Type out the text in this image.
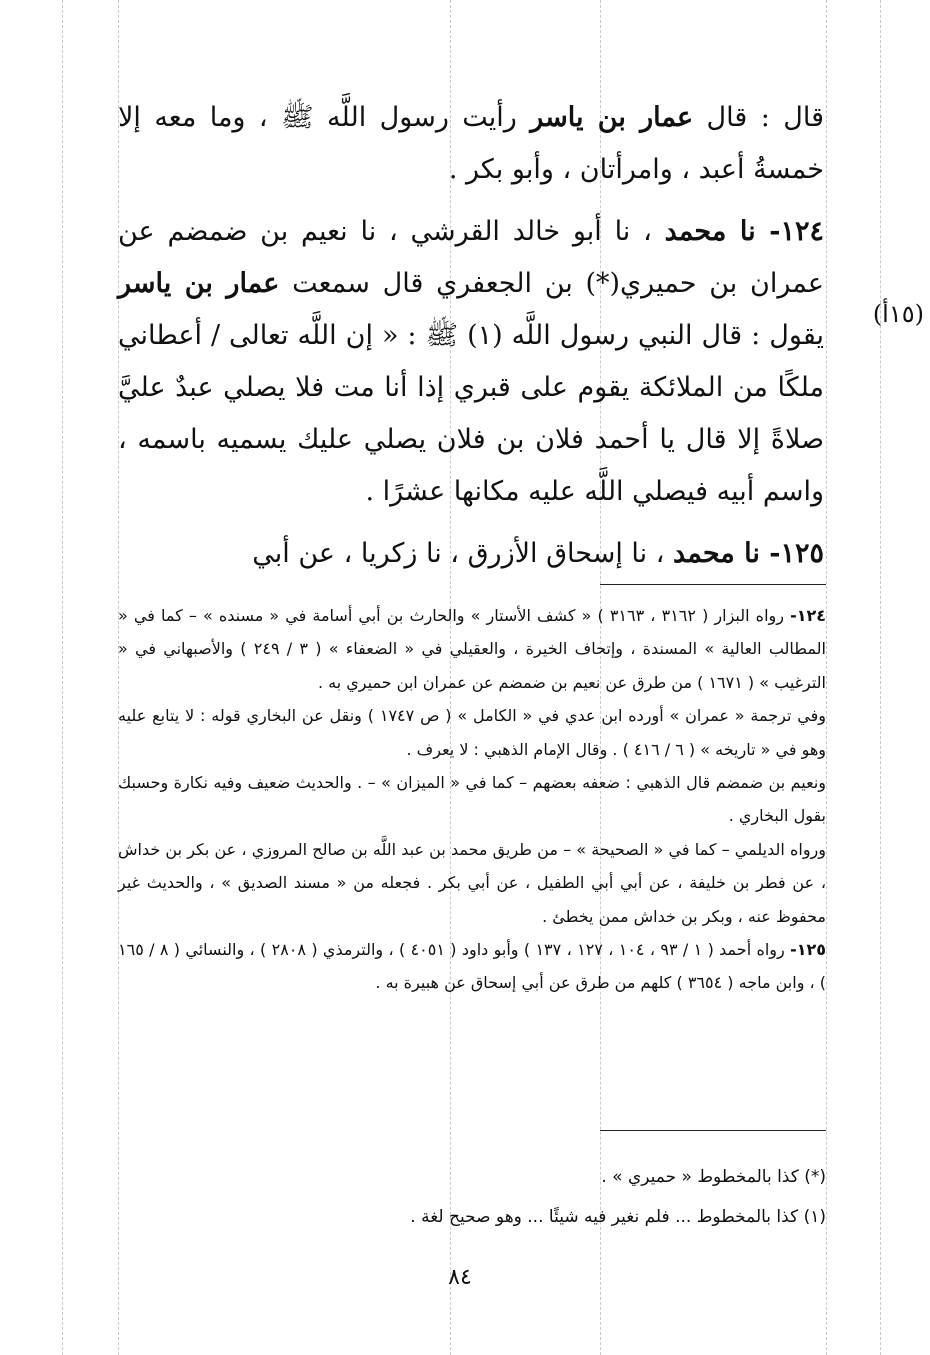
قال : قال عمار بن ياسر رأيت رسول اللَّه ﷺ ، وما معه إلا خمسةُ أعبد ، وامرأتان ، وأبو بكر .

١٢٤- نا محمد ، نا أبو خالد القرشي ، نا نعيم بن ضمضم عن عمران بن حميري(*) بن الجعفري قال سمعت عمار بن ياسر يقول : قال النبي رسول اللَّه (١) ﷺ : « إن اللَّه تعالى / أعطاني ملكًا من الملائكة يقوم على قبري إذا أنا مت فلا يصلي عبدٌ عليَّ صلاةً إلا قال يا أحمد فلان بن فلان يصلي عليك يسميه باسمه ، واسم أبيه فيصلي اللَّه عليه مكانها عشرًا .

١٢٥- نا محمد ، نا إسحاق الأزرق ، نا زكريا ، عن أبي

(١٥أ)

١٢٤- رواه البزار ( ٣١٦٢ ، ٣١٦٣ ) « كشف الأستار » والحارث بن أبي أسامة في « مسنده » – كما في « المطالب العالية » المسندة ، وإتحاف الخيرة ، والعقيلي في « الضعفاء » ( ٣ / ٢٤٩ ) والأصبهاني في « الترغيب » ( ١٦٧١ ) من طرق عن نعيم بن ضمضم عن عمران ابن حميري به .

وفي ترجمة « عمران » أورده ابن عدي في « الكامل » ( ص ١٧٤٧ ) ونقل عن البخاري قوله : لا يتابع عليه وهو في « تاريخه » ( ٦ / ٤١٦ ) . وقال الإمام الذهبي : لا يعرف .

ونعيم بن ضمضم قال الذهبي : ضعفه بعضهم – كما في « الميزان » – . والحديث ضعيف وفيه نكارة وحسبك بقول البخاري .

ورواه الديلمي – كما في « الصحيحة » – من طريق محمد بن عبد اللَّه بن صالح المروزي ، عن بكر بن خداش ، عن فطر بن خليفة ، عن أبي أبي الطفيل ، عن أبي بكر . فجعله من « مسند الصديق » ، والحديث غير محفوظ عنه ، وبكر بن خداش ممن يخطئ .

١٢٥- رواه أحمد ( ١ / ٩٣ ، ١٠٤ ، ١٢٧ ، ١٣٧ ) وأبو داود ( ٤٠٥١ ) ، والترمذي ( ٢٨٠٨ ) ، والنسائي ( ٨ / ١٦٥ ) ، وابن ماجه ( ٣٦٥٤ ) كلهم من طرق عن أبي إسحاق عن هبيرة به .

(*) كذا بالمخطوط « حميري » .

(١) كذا بالمخطوط ... فلم نغير فيه شيئًا ... وهو صحيح لغة .

٨٤
